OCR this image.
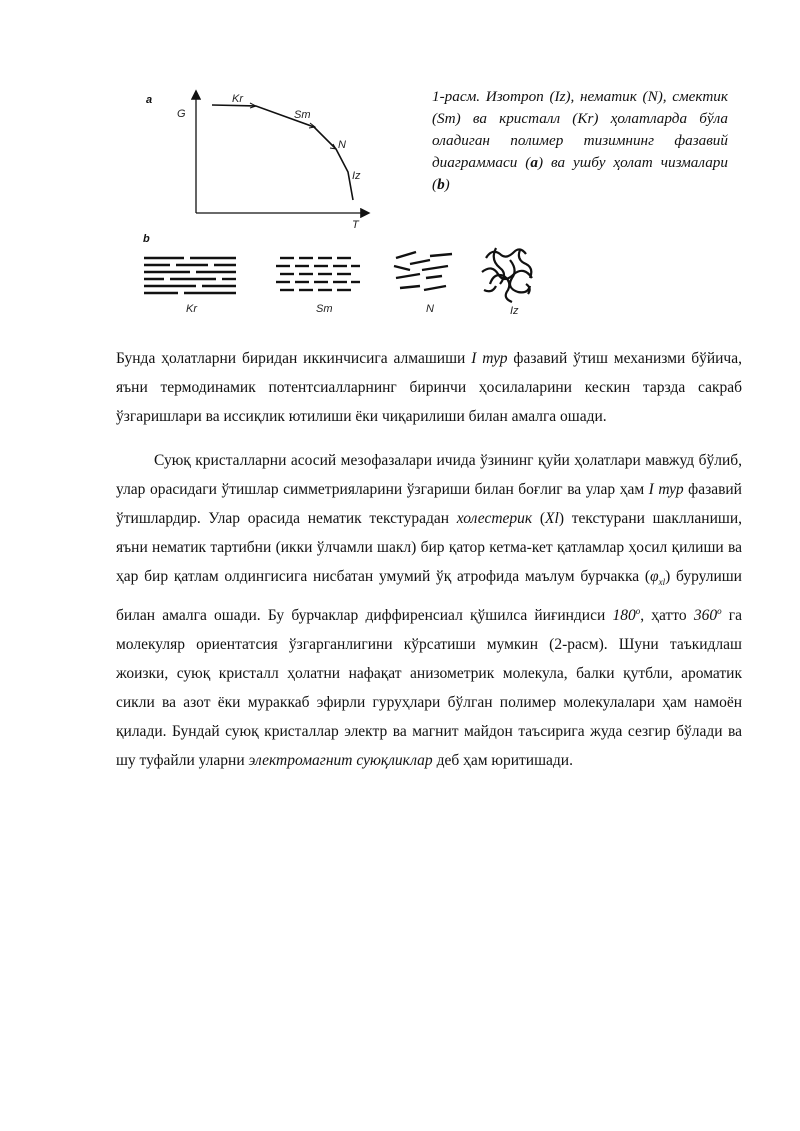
a
G
T
Kr
Sm
N
Iz
b
Kr	Sm	N	Iz
1-расм. Изотроп (Iz), нематик (N), смектик (Sm) ва кристалл (Kr) ҳолатларда бўла оладиган полимер тизимнинг фазавий диаграммаси (a) ва ушбу ҳолат чизмалари (b)
Бунда ҳолатларни биридан иккинчисига алмашиши I тур фазавий ўтиш механизми бўйича, яъни термодинамик потентсиалларнинг биринчи ҳосилаларини кескин тарзда сакраб ўзгаришлари ва иссиқлик ютилиши ёки чиқарилиши билан амалга ошади.
Суюқ кристалларни асосий мезофазалари ичида ўзининг қуйи ҳолатлари мавжуд бўлиб, улар орасидаги ўтишлар симметрияларини ўзгариши билан боғлиг ва улар ҳам I тур фазавий ўтишлардир. Улар орасида нематик текстурадан холестерик (Xl) текстурани шаклланиши, яъни нематик тартибни (икки ўлчамли шакл) бир қатор кетма-кет қатламлар ҳосил қилиши ва ҳар бир қатлам олдингисига нисбатан умумий ўқ атрофида маълум бурчакка $(\varphi_{xl})$ бурулиши билан амалга ошади. Бу бурчаклар диффиренсиал қўшилса йиғиндиси 180$^o$, ҳатто 360$^o$ га молекуляр ориентатсия ўзгарганлигини кўрсатиши мумкин (2-расм). Шуни таъкидлаш жоизки, суюқ кристалл ҳолатни нафақат анизометрик молекула, балки қутбли, ароматик сикли ва азот ёки мураккаб эфирли гуруҳлари бўлган полимер молекулалари ҳам намоён қилади. Бундай суюқ кристаллар электр ва магнит майдон таъсирига жуда сезгир бўлади ва шу туфайли уларни электромагнит суюқликлар деб ҳам юритишади.
